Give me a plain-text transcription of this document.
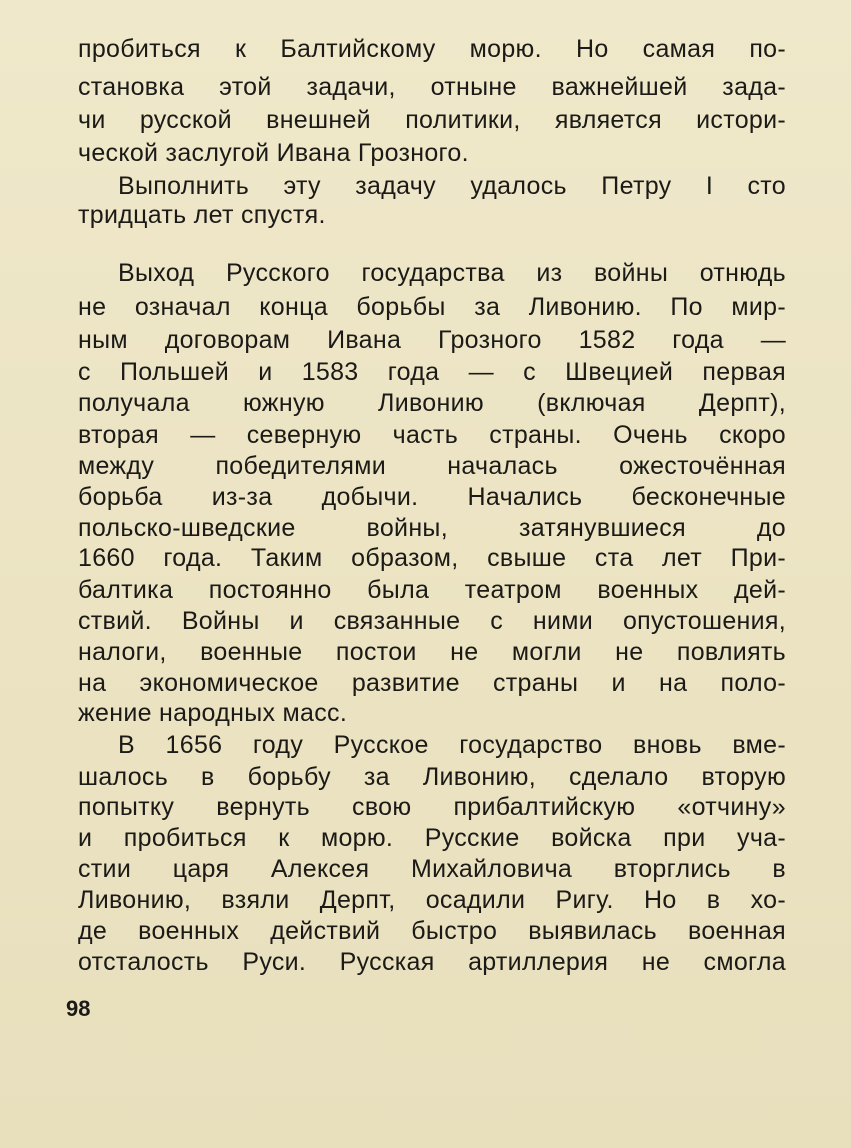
пробиться к Балтийскому морю. Но самая по-
становка этой задачи, отныне важнейшей зада-
чи русской внешней политики, является истори-
ческой заслугой Ивана Грозного.
Выполнить эту задачу удалось Петру I сто
тридцать лет спустя.
Выход Русского государства из войны отнюдь
не означал конца борьбы за Ливонию. По мир-
ным договорам Ивана Грозного 1582 года —
с Польшей и 1583 года — с Швецией первая
получала южную Ливонию (включая Дерпт),
вторая — северную часть страны. Очень скоро
между победителями началась ожесточённая
борьба из-за добычи. Начались бесконечные
польско-шведские войны, затянувшиеся до
1660 года. Таким образом, свыше ста лет При-
балтика постоянно была театром военных дей-
ствий. Войны и связанные с ними опустошения,
налоги, военные постои не могли не повлиять
на экономическое развитие страны и на поло-
жение народных масс.
В 1656 году Русское государство вновь вме-
шалось в борьбу за Ливонию, сделало вторую
попытку вернуть свою прибалтийскую «отчину»
и пробиться к морю. Русские войска при уча-
стии царя Алексея Михайловича вторглись в
Ливонию, взяли Дерпт, осадили Ригу. Но в хо-
де военных действий быстро выявилась военная
отсталость Руси. Русская артиллерия не смогла
98
